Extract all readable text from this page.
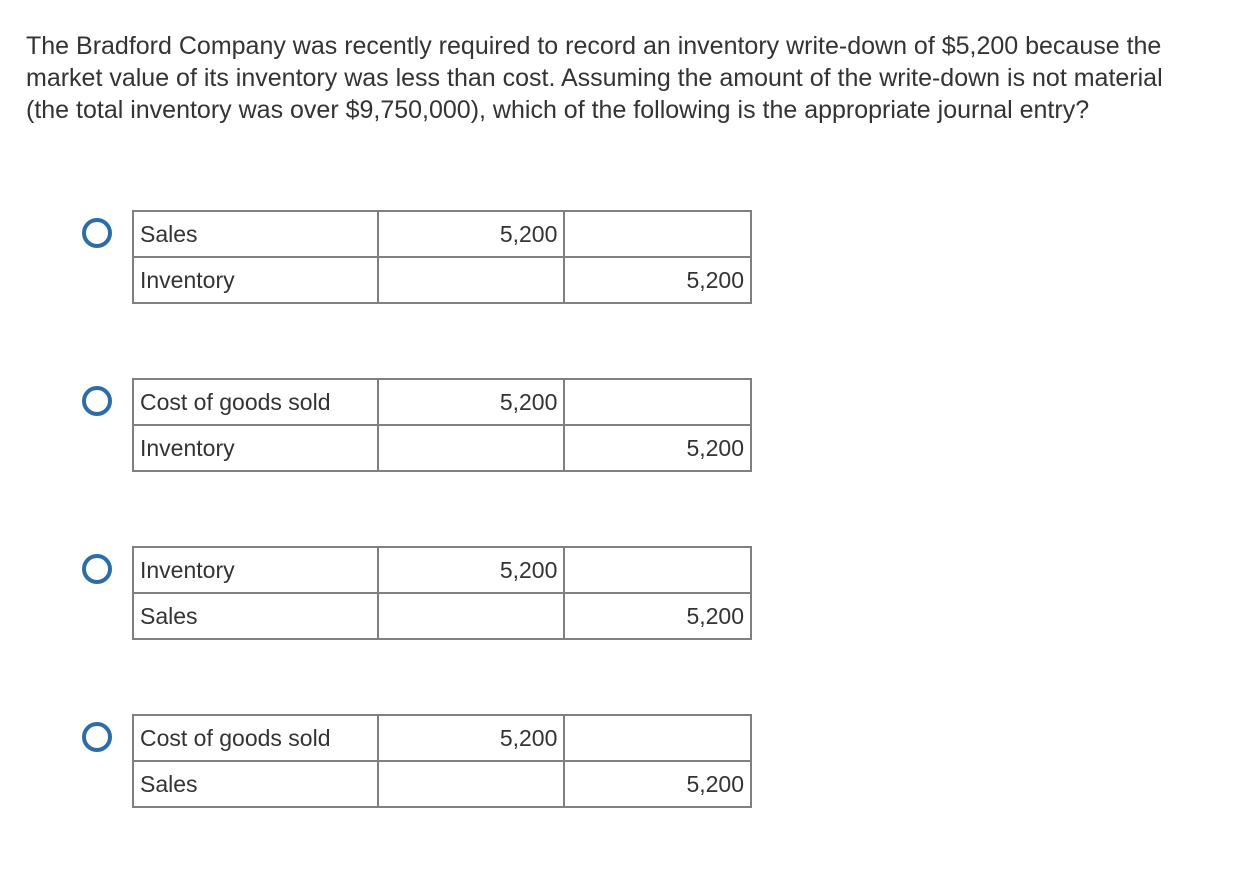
The Bradford Company was recently required to record an inventory write-down of $5,200 because the market value of its inventory was less than cost. Assuming the amount of the write-down is not material (the total inventory was over $9,750,000), which of the following is the appropriate journal entry?

Sales	5,200	
Inventory		5,200
Cost of goods sold	5,200	
Inventory		5,200
Inventory	5,200	
Sales		5,200
Cost of goods sold	5,200	
Sales		5,200
